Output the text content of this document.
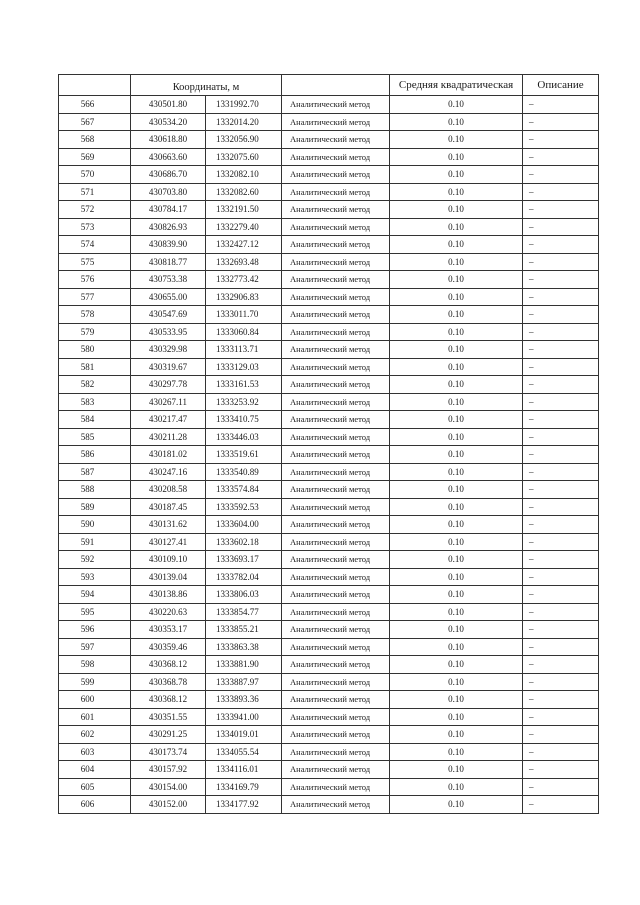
	Координаты, м			Средняя квадратическая	Описание
566	430501.80	1331992.70	Аналитический метод	0.10	–
567	430534.20	1332014.20	Аналитический метод	0.10	–
568	430618.80	1332056.90	Аналитический метод	0.10	–
569	430663.60	1332075.60	Аналитический метод	0.10	–
570	430686.70	1332082.10	Аналитический метод	0.10	–
571	430703.80	1332082.60	Аналитический метод	0.10	–
572	430784.17	1332191.50	Аналитический метод	0.10	–
573	430826.93	1332279.40	Аналитический метод	0.10	–
574	430839.90	1332427.12	Аналитический метод	0.10	–
575	430818.77	1332693.48	Аналитический метод	0.10	–
576	430753.38	1332773.42	Аналитический метод	0.10	–
577	430655.00	1332906.83	Аналитический метод	0.10	–
578	430547.69	1333011.70	Аналитический метод	0.10	–
579	430533.95	1333060.84	Аналитический метод	0.10	–
580	430329.98	1333113.71	Аналитический метод	0.10	–
581	430319.67	1333129.03	Аналитический метод	0.10	–
582	430297.78	1333161.53	Аналитический метод	0.10	–
583	430267.11	1333253.92	Аналитический метод	0.10	–
584	430217.47	1333410.75	Аналитический метод	0.10	–
585	430211.28	1333446.03	Аналитический метод	0.10	–
586	430181.02	1333519.61	Аналитический метод	0.10	–
587	430247.16	1333540.89	Аналитический метод	0.10	–
588	430208.58	1333574.84	Аналитический метод	0.10	–
589	430187.45	1333592.53	Аналитический метод	0.10	–
590	430131.62	1333604.00	Аналитический метод	0.10	–
591	430127.41	1333602.18	Аналитический метод	0.10	–
592	430109.10	1333693.17	Аналитический метод	0.10	–
593	430139.04	1333782.04	Аналитический метод	0.10	–
594	430138.86	1333806.03	Аналитический метод	0.10	–
595	430220.63	1333854.77	Аналитический метод	0.10	–
596	430353.17	1333855.21	Аналитический метод	0.10	–
597	430359.46	1333863.38	Аналитический метод	0.10	–
598	430368.12	1333881.90	Аналитический метод	0.10	–
599	430368.78	1333887.97	Аналитический метод	0.10	–
600	430368.12	1333893.36	Аналитический метод	0.10	–
601	430351.55	1333941.00	Аналитический метод	0.10	–
602	430291.25	1334019.01	Аналитический метод	0.10	–
603	430173.74	1334055.54	Аналитический метод	0.10	–
604	430157.92	1334116.01	Аналитический метод	0.10	–
605	430154.00	1334169.79	Аналитический метод	0.10	–
606	430152.00	1334177.92	Аналитический метод	0.10	–
